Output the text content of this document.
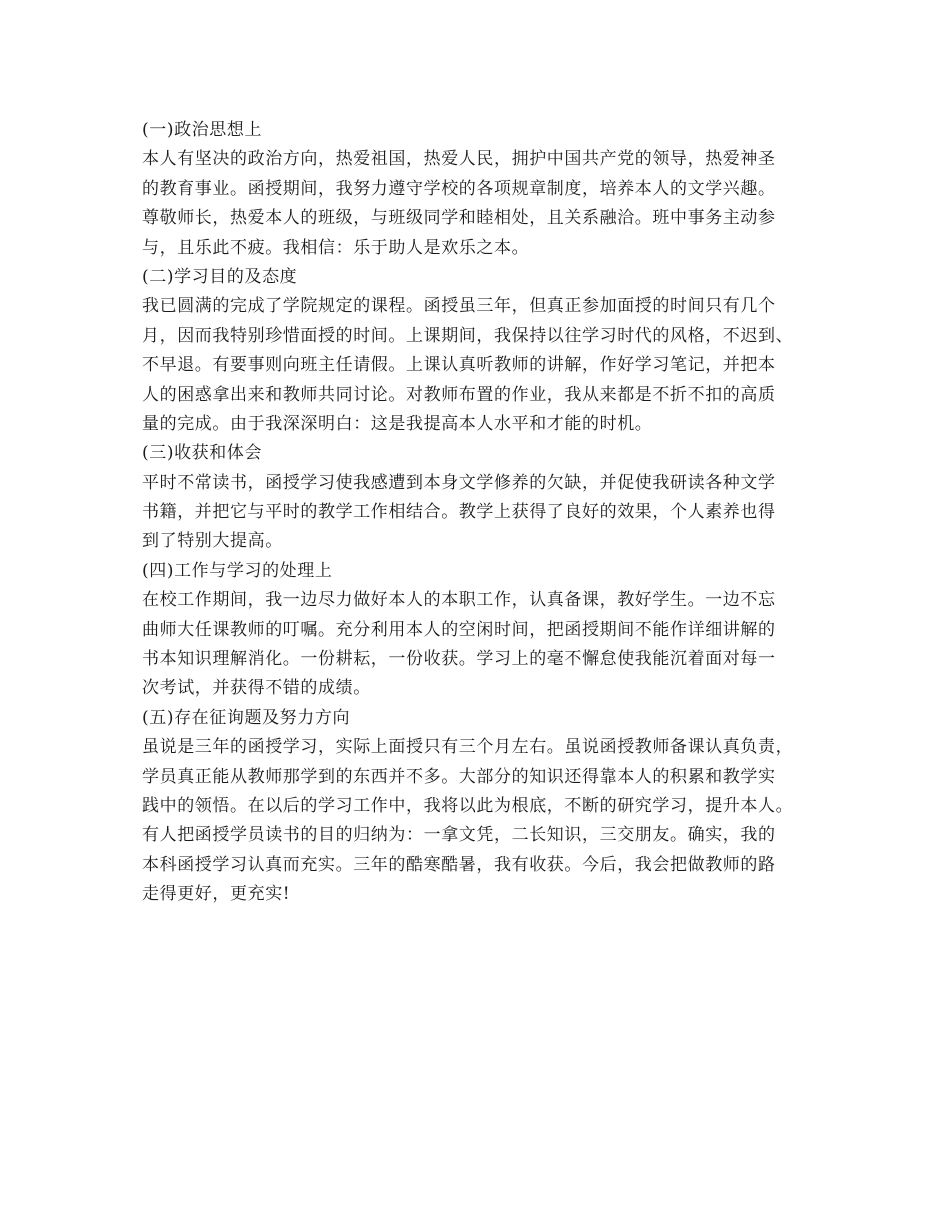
(一)政治思想上
本人有坚决的政治方向，热爱祖国，热爱人民，拥护中国共产党的领导，热爱神圣
的教育事业。函授期间，我努力遵守学校的各项规章制度，培养本人的文学兴趣。
尊敬师长，热爱本人的班级，与班级同学和睦相处，且关系融洽。班中事务主动参
与，且乐此不疲。我相信：乐于助人是欢乐之本。
(二)学习目的及态度
我已圆满的完成了学院规定的课程。函授虽三年，但真正参加面授的时间只有几个
月，因而我特别珍惜面授的时间。上课期间，我保持以往学习时代的风格，不迟到、
不早退。有要事则向班主任请假。上课认真听教师的讲解，作好学习笔记，并把本
人的困惑拿出来和教师共同讨论。对教师布置的作业，我从来都是不折不扣的高质
量的完成。由于我深深明白：这是我提高本人水平和才能的时机。
(三)收获和体会
平时不常读书，函授学习使我感遭到本身文学修养的欠缺，并促使我研读各种文学
书籍，并把它与平时的教学工作相结合。教学上获得了良好的效果，个人素养也得
到了特别大提高。
(四)工作与学习的处理上
在校工作期间，我一边尽力做好本人的本职工作，认真备课，教好学生。一边不忘
曲师大任课教师的叮嘱。充分利用本人的空闲时间，把函授期间不能作详细讲解的
书本知识理解消化。一份耕耘，一份收获。学习上的毫不懈怠使我能沉着面对每一
次考试，并获得不错的成绩。
(五)存在征询题及努力方向
虽说是三年的函授学习，实际上面授只有三个月左右。虽说函授教师备课认真负责，
学员真正能从教师那学到的东西并不多。大部分的知识还得靠本人的积累和教学实
践中的领悟。在以后的学习工作中，我将以此为根底，不断的研究学习，提升本人。
有人把函授学员读书的目的归纳为：一拿文凭，二长知识，三交朋友。确实，我的
本科函授学习认真而充实。三年的酷寒酷暑，我有收获。今后，我会把做教师的路
走得更好，更充实!
